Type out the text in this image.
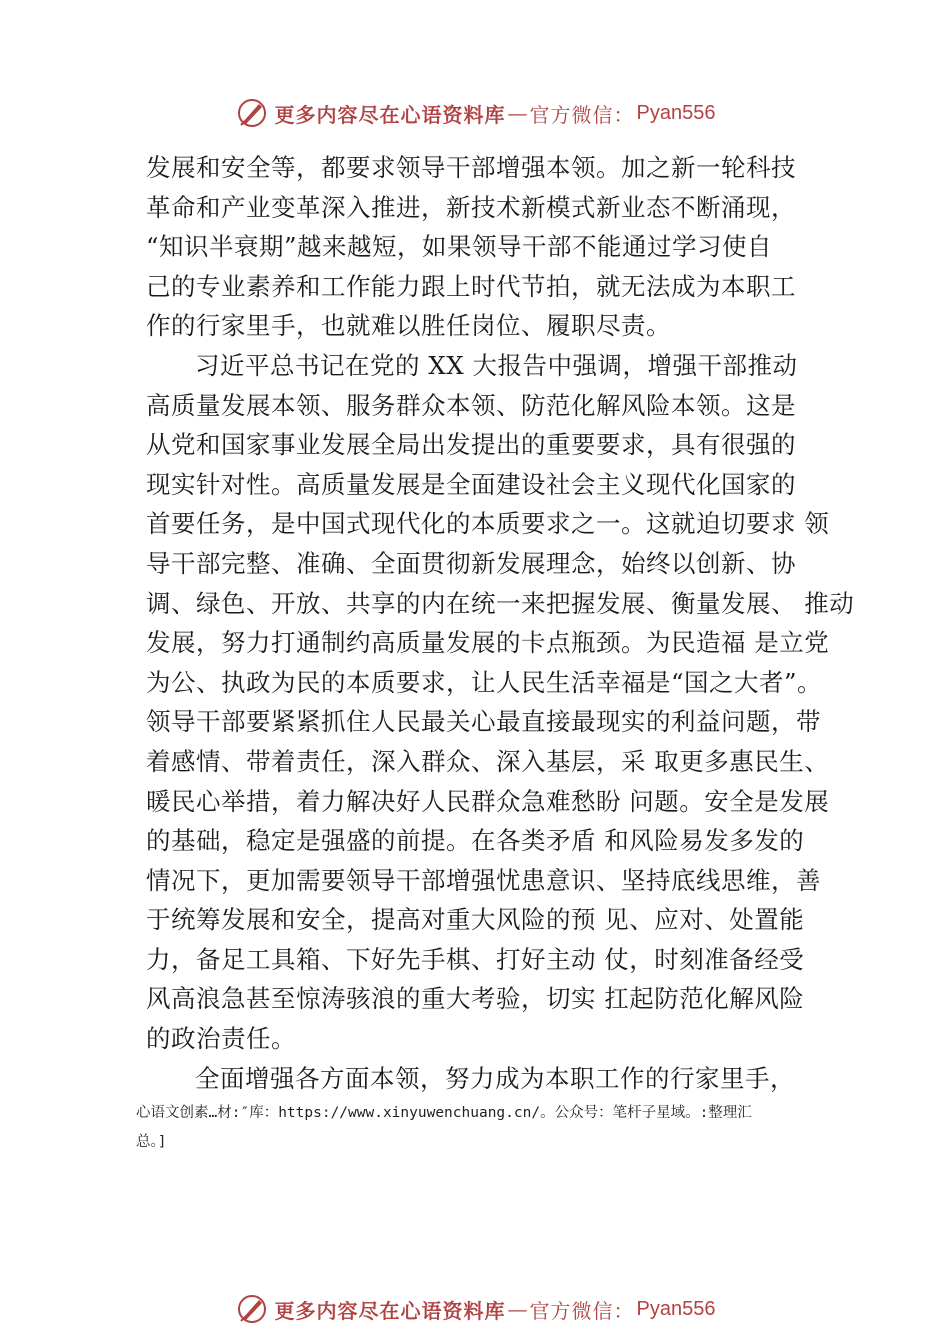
更多内容尽在心语资料库 — 官方微信： Pyan556
发展和安全等，都要求领导干部增强本领。加之新一轮科技
革命和产业变革深入推进，新技术新模式新业态不断涌现，
“知识半衰期”越来越短，如果领导干部不能通过学习使自
己的专业素养和工作能力跟上时代节拍，就无法成为本职工
作的行家里手，也就难以胜任岗位、履职尽责。
习近平总书记在党的 XX 大报告中强调，增强干部推动
高质量发展本领、服务群众本领、防范化解风险本领。这是
从党和国家事业发展全局出发提出的重要要求，具有很强的
现实针对性。高质量发展是全面建设社会主义现代化国家的
首要任务，是中国式现代化的本质要求之一。这就迫切要求 领
导干部完整、准确、全面贯彻新发展理念，始终以创新、协
调、绿色、开放、共享的内在统一来把握发展、衡量发展、 推动
发展，努力打通制约高质量发展的卡点瓶颈。为民造福 是立党
为公、执政为民的本质要求，让人民生活幸福是“国之大者”。
领导干部要紧紧抓住人民最关心最直接最现实的利益问题，带
着感情、带着责任，深入群众、深入基层，采 取更多惠民生、
暖民心举措，着力解决好人民群众急难愁盼 问题。安全是发展
的基础，稳定是强盛的前提。在各类矛盾 和风险易发多发的
情况下，更加需要领导干部增强忧患意识、坚持底线思维，善
于统筹发展和安全，提高对重大风险的预 见、应对、处置能
力，备足工具箱、下好先手棋、打好主动 仗，时刻准备经受
风高浪急甚至惊涛骇浪的重大考验，切实 扛起防范化解风险
的政治责任。
全面增强各方面本领，努力成为本职工作的行家里手，
心语文创素…材:″库：https://www.xinyuwenchuang.cn/。公众号：笔杆子星域。:整理汇
总。]
更多内容尽在心语资料库 — 官方微信： Pyan556
